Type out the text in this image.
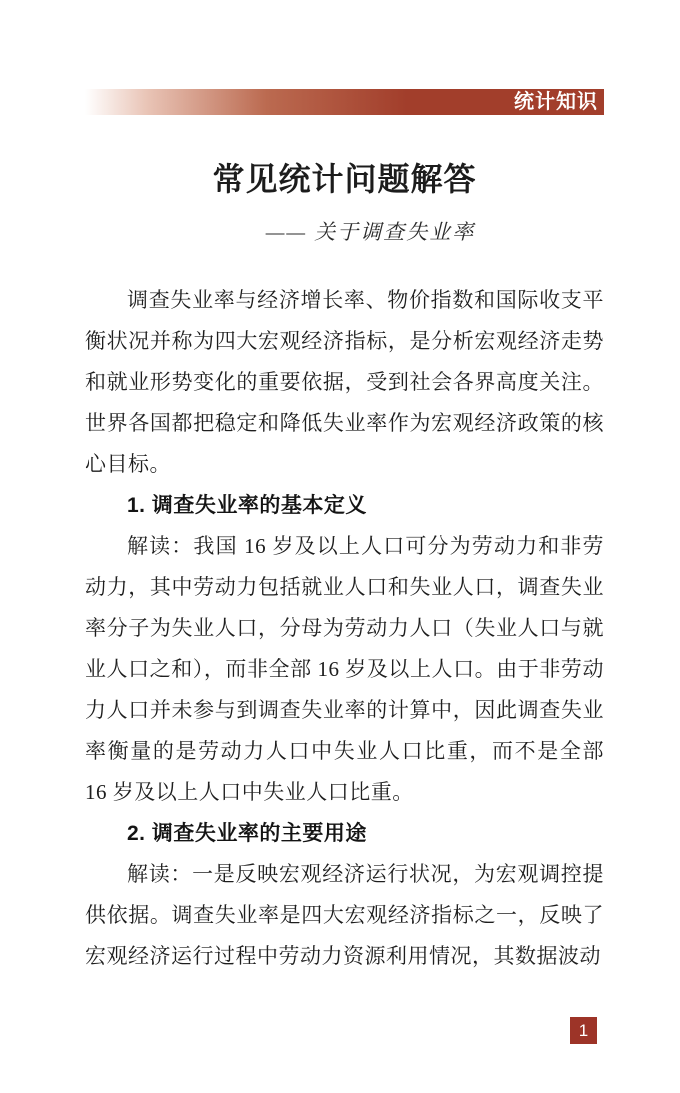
统计知识
常见统计问题解答
—— 关于调查失业率

调查失业率与经济增长率、物价指数和国际收支平衡状况并称为四大宏观经济指标，是分析宏观经济走势和就业形势变化的重要依据，受到社会各界高度关注。世界各国都把稳定和降低失业率作为宏观经济政策的核心目标。

1. 调查失业率的基本定义

解读：我国 16 岁及以上人口可分为劳动力和非劳动力，其中劳动力包括就业人口和失业人口，调查失业率分子为失业人口，分母为劳动力人口（失业人口与就业人口之和），而非全部 16 岁及以上人口。由于非劳动力人口并未参与到调查失业率的计算中，因此调查失业率衡量的是劳动力人口中失业人口比重，而不是全部 16 岁及以上人口中失业人口比重。

2. 调查失业率的主要用途

解读：一是反映宏观经济运行状况，为宏观调控提供依据。调查失业率是四大宏观经济指标之一，反映了宏观经济运行过程中劳动力资源利用情况，其数据波动

1
